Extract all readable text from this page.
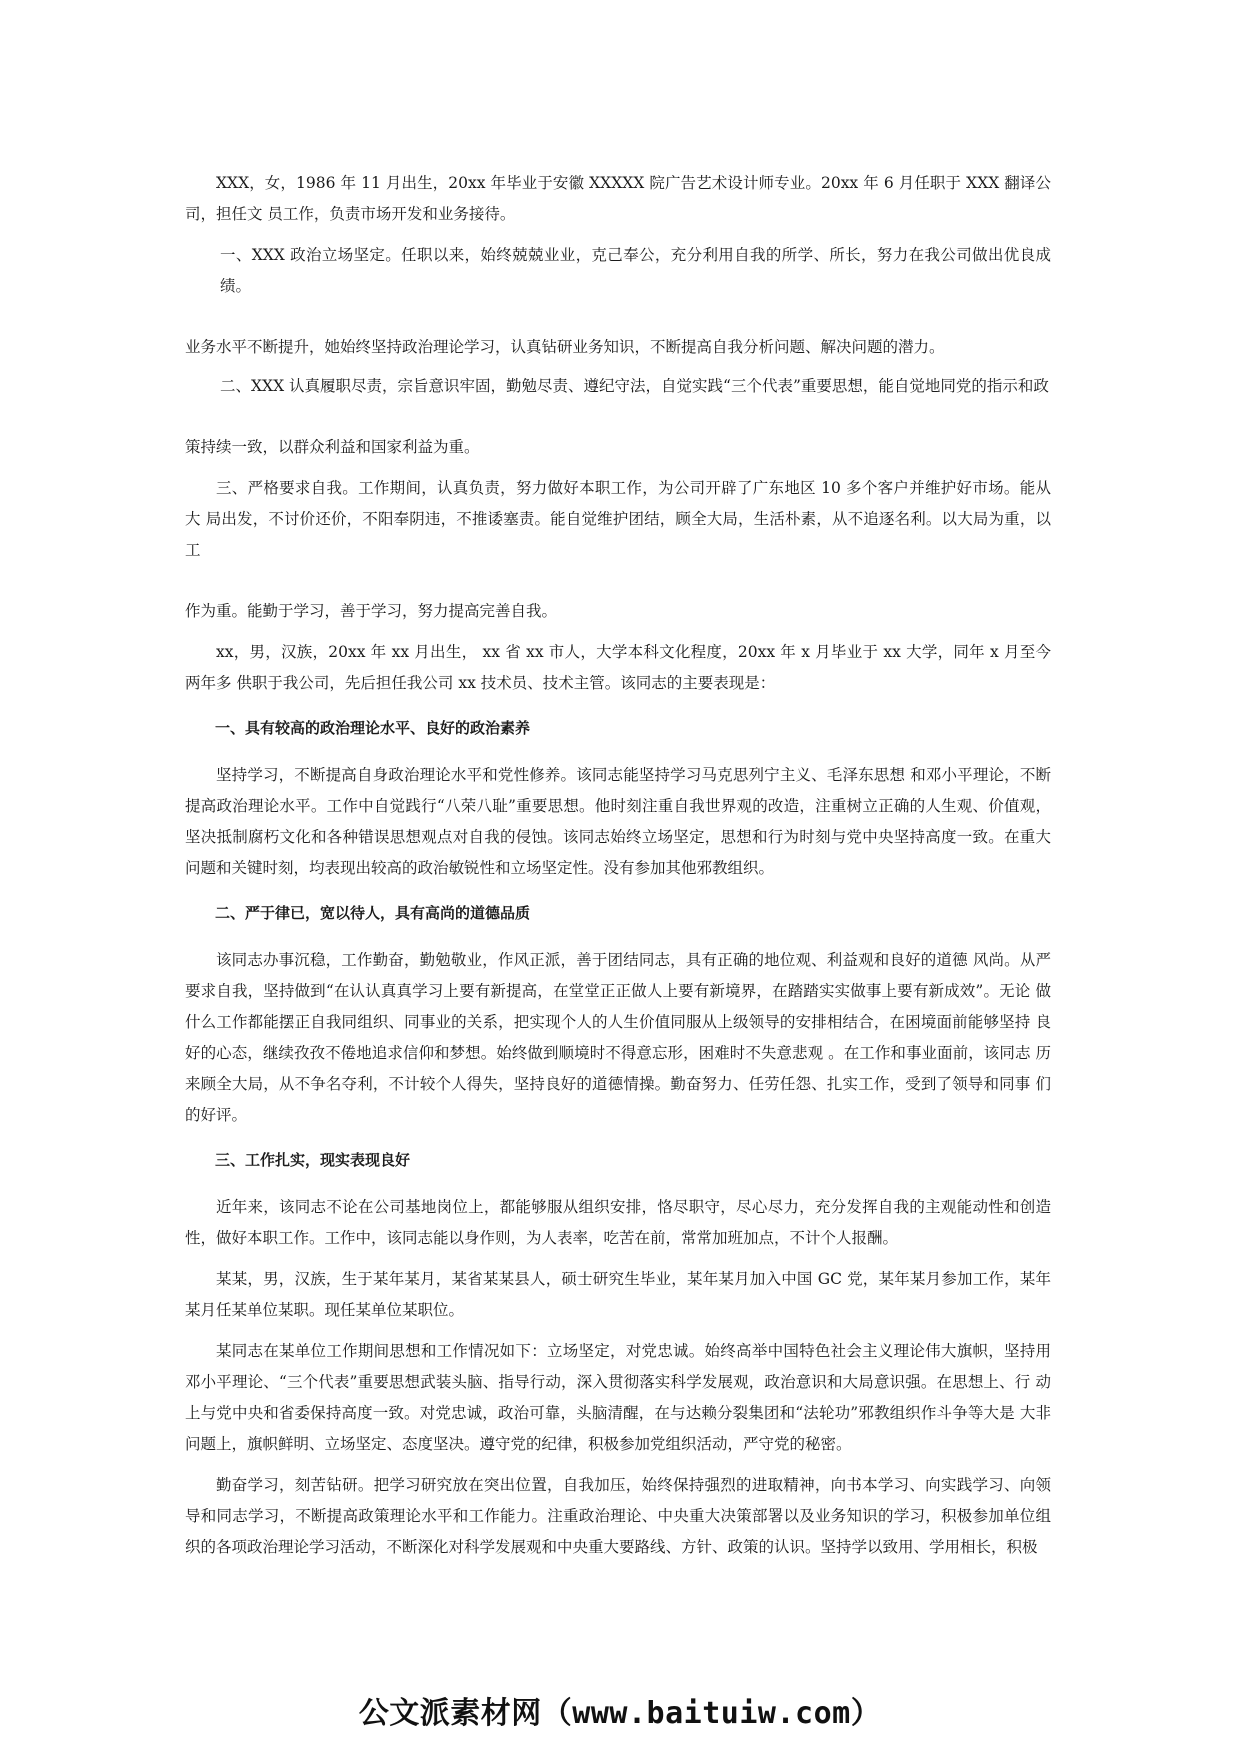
XXX，女，1986 年 11 月出生，20xx 年毕业于安徽 XXXXX 院广告艺术设计师专业。20xx 年 6 月任职于 XXX 翻译公司，担任文 员工作，负责市场开发和业务接待。

一、XXX 政治立场坚定。任职以来，始终兢兢业业，克己奉公，充分利用自我的所学、所长，努力在我公司做出优良成绩。

业务水平不断提升，她始终坚持政治理论学习，认真钻研业务知识，不断提高自我分析问题、解决问题的潜力。

二、XXX 认真履职尽责，宗旨意识牢固，勤勉尽责、遵纪守法，自觉实践“三个代表”重要思想，能自觉地同党的指示和政

策持续一致，以群众利益和国家利益为重。

三、严格要求自我。工作期间，认真负责，努力做好本职工作，为公司开辟了广东地区 10 多个客户并维护好市场。能从大 局出发，不讨价还价，不阳奉阴违，不推诿塞责。能自觉维护团结，顾全大局，生活朴素，从不追逐名利。以大局为重，以工

作为重。能勤于学习，善于学习，努力提高完善自我。

xx，男，汉族，20xx 年 xx 月出生， xx 省 xx 市人，大学本科文化程度，20xx 年 x 月毕业于 xx 大学，同年 x 月至今两年多 供职于我公司，先后担任我公司 xx 技术员、技术主管。该同志的主要表现是：

一、具有较高的政治理论水平、良好的政治素养

坚持学习，不断提高自身政治理论水平和党性修养。该同志能坚持学习马克思列宁主义、毛泽东思想 和邓小平理论，不断提高政治理论水平。工作中自觉践行“八荣八耻”重要思想。他时刻注重自我世界观的改造，注重树立正确的人生观、价值观， 坚决抵制腐朽文化和各种错误思想观点对自我的侵蚀。该同志始终立场坚定，思想和行为时刻与党中央坚持高度一致。在重大 问题和关键时刻，均表现出较高的政治敏锐性和立场坚定性。没有参加其他邪教组织。

二、严于律已，宽以待人，具有高尚的道德品质

该同志办事沉稳，工作勤奋，勤勉敬业，作风正派，善于团结同志，具有正确的地位观、利益观和良好的道德 风尚。从严 要求自我，坚持做到“在认认真真学习上要有新提高，在堂堂正正做人上要有新境界，在踏踏实实做事上要有新成效”。无论 做什么工作都能摆正自我同组织、同事业的关系，把实现个人的人生价值同服从上级领导的安排相结合，在困境面前能够坚持 良好的心态，继续孜孜不倦地追求信仰和梦想。始终做到顺境时不得意忘形，困难时不失意悲观 。在工作和事业面前，该同志 历来顾全大局，从不争名夺利，不计较个人得失，坚持良好的道德情操。勤奋努力、任劳任怨、扎实工作，受到了领导和同事 们的好评。

三、工作扎实，现实表现良好

近年来，该同志不论在公司基地岗位上，都能够服从组织安排，恪尽职守，尽心尽力，充分发挥自我的主观能动性和创造 性，做好本职工作。工作中，该同志能以身作则，为人表率，吃苦在前，常常加班加点，不计个人报酬。

某某，男，汉族，生于某年某月，某省某某县人，硕士研究生毕业，某年某月加入中国 GC 党，某年某月参加工作，某年某月任某单位某职。现任某单位某职位。

某同志在某单位工作期间思想和工作情况如下：立场坚定，对党忠诚。始终高举中国特色社会主义理论伟大旗帜，坚持用 邓小平理论、“三个代表”重要思想武装头脑、指导行动，深入贯彻落实科学发展观，政治意识和大局意识强。在思想上、行 动上与党中央和省委保持高度一致。对党忠诚，政治可靠，头脑清醒，在与达赖分裂集团和“法轮功”邪教组织作斗争等大是 大非问题上，旗帜鲜明、立场坚定、态度坚决。遵守党的纪律，积极参加党组织活动，严守党的秘密。

勤奋学习，刻苦钻研。把学习研究放在突出位置，自我加压，始终保持强烈的进取精神，向书本学习、向实践学习、向领导和同志学习，不断提高政策理论水平和工作能力。注重政治理论、中央重大决策部署以及业务知识的学习，积极参加单位组织的各项政治理论学习活动，不断深化对科学发展观和中央重大要路线、方针、政策的认识。坚持学以致用、学用相长，积极

公文派素材网（www.baituiw.com）
